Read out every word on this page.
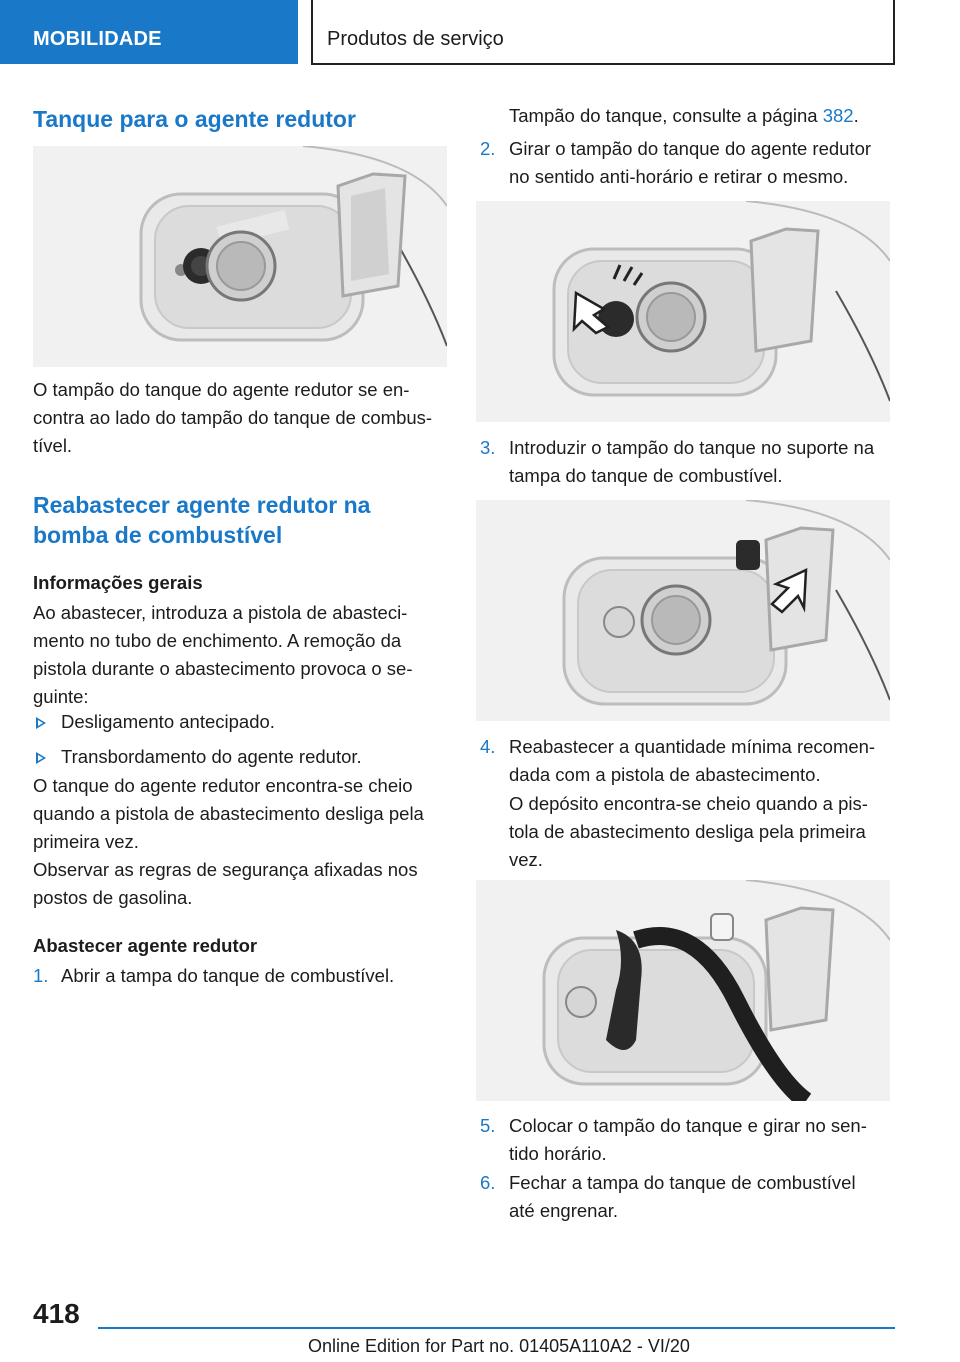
MOBILIDADE	Produtos de serviço
Tanque para o agente redutor
O tampão do tanque do agente redutor se en-
contra ao lado do tampão do tanque de combus-
tível.
Reabastecer agente redutor na
bomba de combustível
Informações gerais
Ao abastecer, introduza a pistola de abasteci-
mento no tubo de enchimento. A remoção da
pistola durante o abastecimento provoca o se-
guinte:
Desligamento antecipado.
Transbordamento do agente redutor.
O tanque do agente redutor encontra-se cheio
quando a pistola de abastecimento desliga pela
primeira vez.
Observar as regras de segurança afixadas nos
postos de gasolina.
Abastecer agente redutor
1. Abrir a tampa do tanque de combustível.
Tampão do tanque, consulte a página 382.
2. Girar o tampão do tanque do agente redutor
no sentido anti-horário e retirar o mesmo.
3. Introduzir o tampão do tanque no suporte na
tampa do tanque de combustível.
4. Reabastecer a quantidade mínima recomen-
dada com a pistola de abastecimento.
O depósito encontra-se cheio quando a pis-
tola de abastecimento desliga pela primeira
vez.
5. Colocar o tampão do tanque e girar no sen-
tido horário.
6. Fechar a tampa do tanque de combustível
até engrenar.
418
Online Edition for Part no. 01405A110A2 - VI/20
